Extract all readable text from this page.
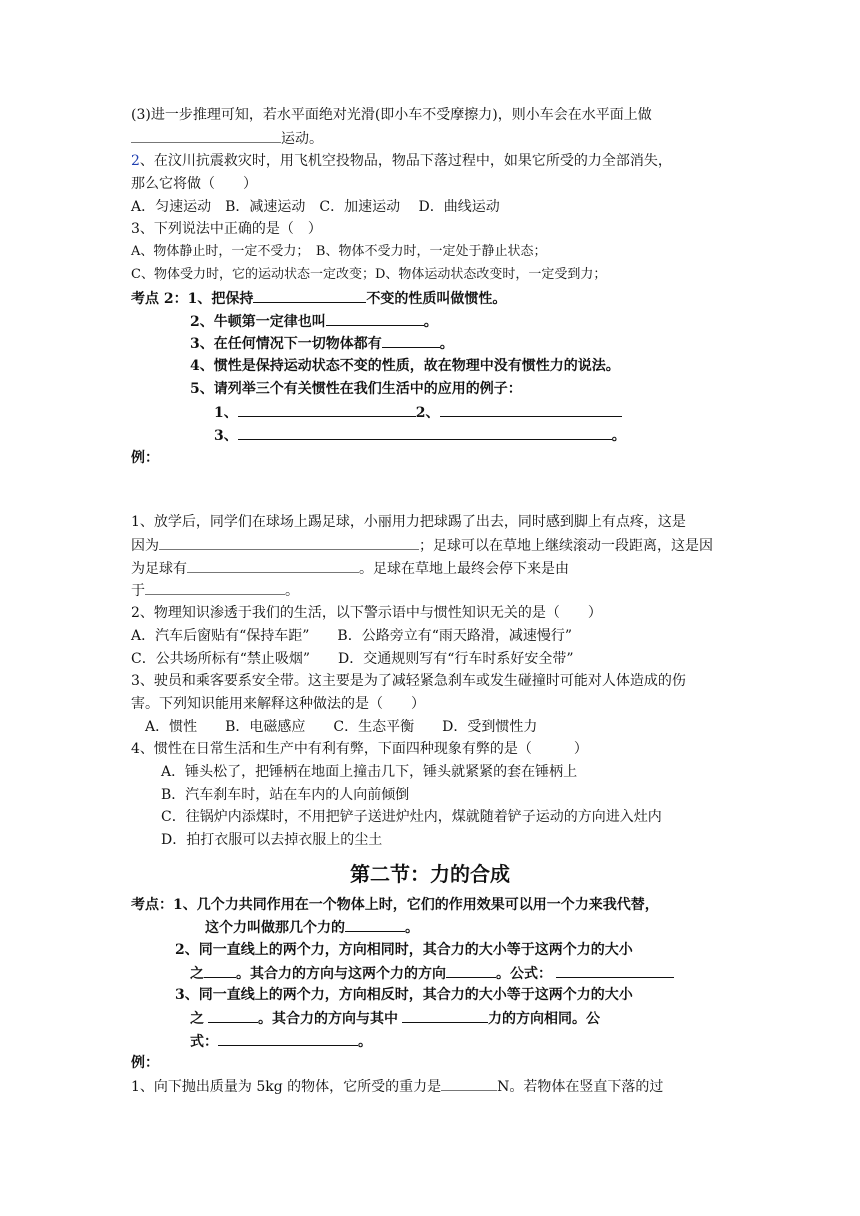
(3)进一步推理可知，若水平面绝对光滑(即小车不受摩擦力)，则小车会在水平面上做
运动。
2、在汶川抗震救灾时，用飞机空投物品，物品下落过程中，如果它所受的力全部消失，
那么它将做（　　）
A．匀速运动　B．减速运动　C．加速运动　 D．曲线运动
3、下列说法中正确的是（　）
A、物体静止时，一定不受力；　B、物体不受力时，一定处于静止状态；
C、物体受力时，它的运动状态一定改变；D、物体运动状态改变时，一定受到力；
考点 2：1、把保持	不变的性质叫做惯性。
2、牛顿第一定律也叫	。
3、在任何情况下一切物体都有	。
4、惯性是保持运动状态不变的性质，故在物理中没有惯性力的说法。
5、请列举三个有关惯性在我们生活中的应用的例子：
1、	2、
3、	。
例：
1、放学后，同学们在球场上踢足球，小丽用力把球踢了出去，同时感到脚上有点疼，这是
因为	；足球可以在草地上继续滚动一段距离，这是因
为足球有	。足球在草地上最终会停下来是由
于	。
2、物理知识渗透于我们的生活，以下警示语中与惯性知识无关的是（　　）
A．汽车后窗贴有“保持车距”　　B．公路旁立有“雨天路滑，减速慢行”
C．公共场所标有“禁止吸烟”　　D．交通规则写有“行车时系好安全带”
3、驶员和乘客要系安全带。这主要是为了减轻紧急刹车或发生碰撞时可能对人体造成的伤
害。下列知识能用来解释这种做法的是（　　）
A．惯性　　B．电磁感应　　C．生态平衡　　D．受到惯性力
4、惯性在日常生活和生产中有利有弊，下面四种现象有弊的是（　　　）
A．锤头松了，把锤柄在地面上撞击几下，锤头就紧紧的套在锤柄上
B．汽车刹车时，站在车内的人向前倾倒
C．往锅炉内添煤时，不用把铲子送进炉灶内，煤就随着铲子运动的方向进入灶内
D．拍打衣服可以去掉衣服上的尘土
第二节：力的合成
考点：1、几个力共同作用在一个物体上时，它们的作用效果可以用一个力来我代替，
这个力叫做那几个力的	。
2、同一直线上的两个力，方向相同时，其合力的大小等于这两个力的大小
之 。其合力的方向与这两个力的方向	。公式：
3、同一直线上的两个力，方向相反时，其合力的大小等于这两个力的大小
之	。其合力的方向与其中	力的方向相同。公
式：	。
例：
1、向下抛出质量为 5kg 的物体，它所受的重力是	N。若物体在竖直下落的过
